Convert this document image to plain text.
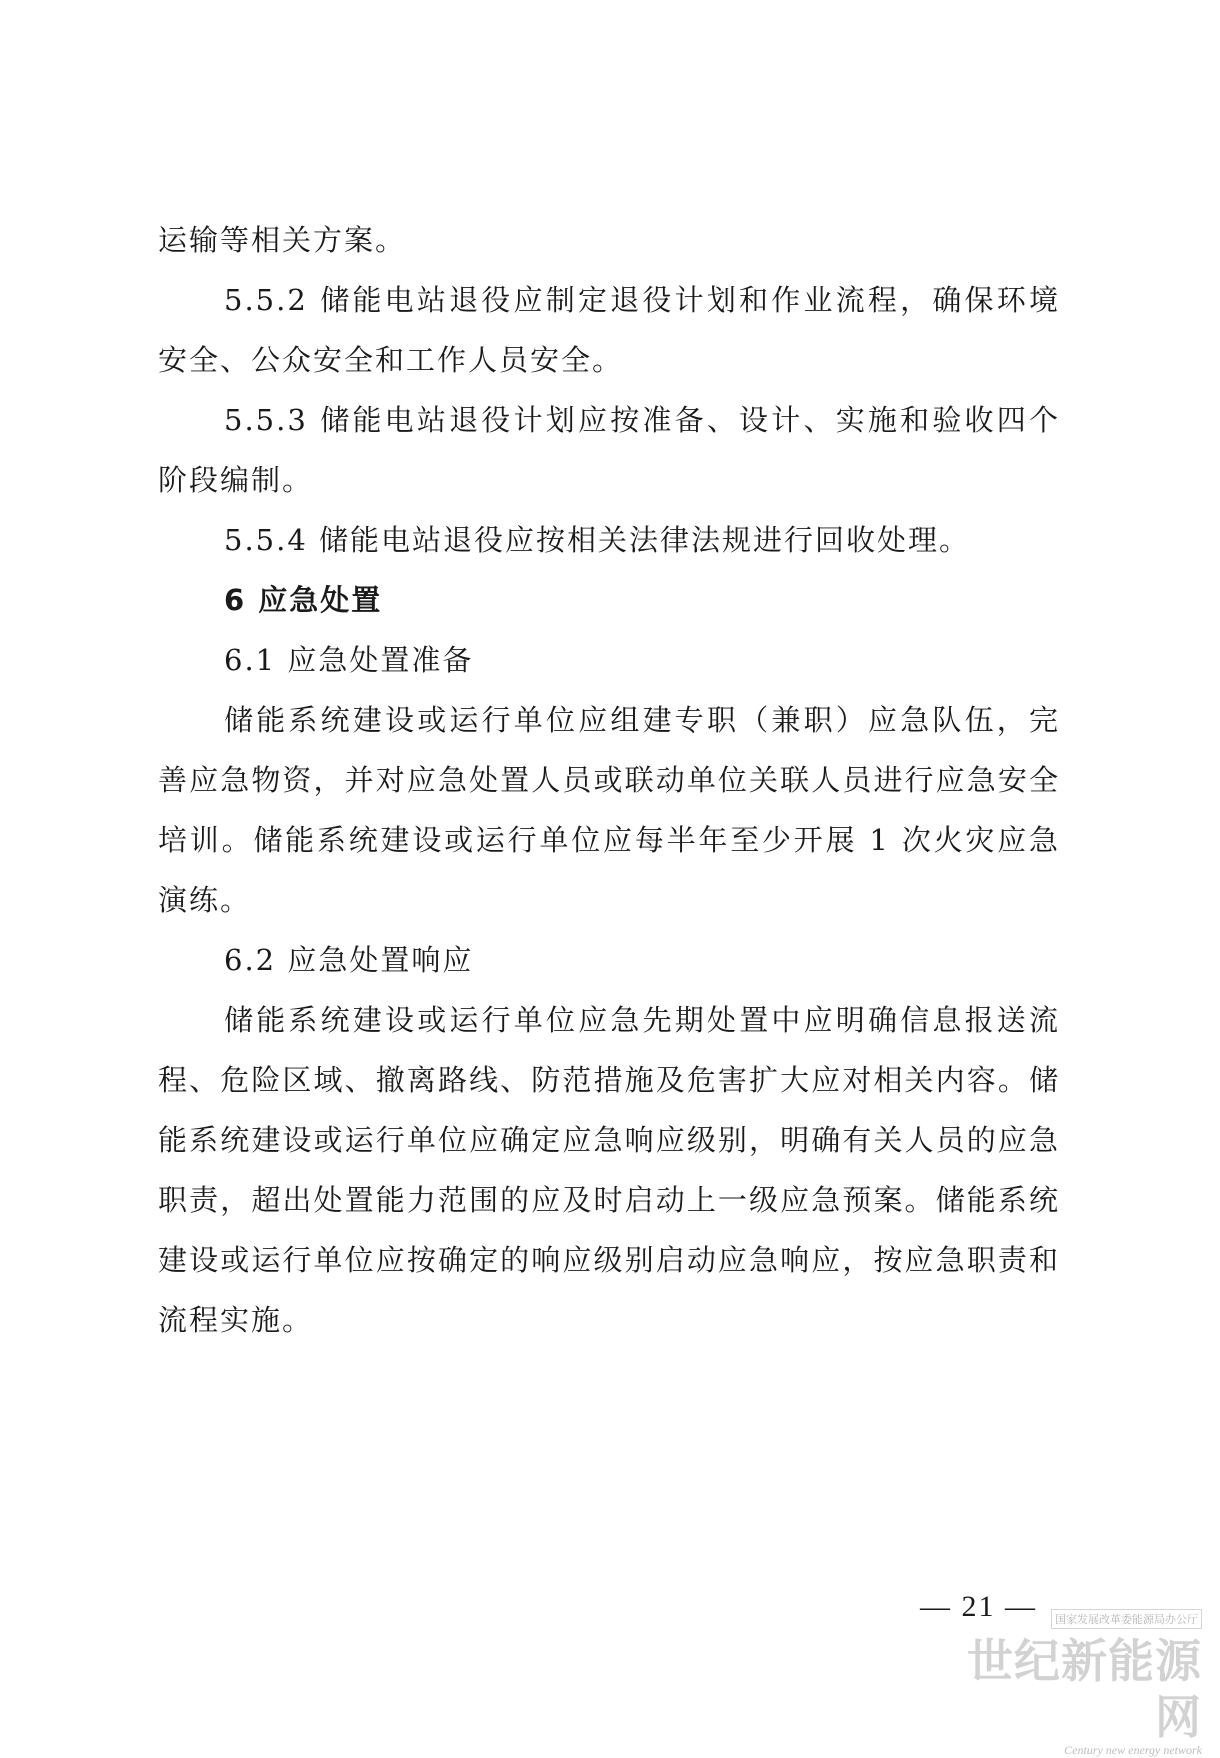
运输等相关方案。

5.5.2 储能电站退役应制定退役计划和作业流程，确保环境安全、公众安全和工作人员安全。

5.5.3 储能电站退役计划应按准备、设计、实施和验收四个阶段编制。

5.5.4 储能电站退役应按相关法律法规进行回收处理。

6 应急处置

6.1 应急处置准备

储能系统建设或运行单位应组建专职（兼职）应急队伍，完善应急物资，并对应急处置人员或联动单位关联人员进行应急安全培训。储能系统建设或运行单位应每半年至少开展 1 次火灾应急演练。

6.2 应急处置响应

储能系统建设或运行单位应急先期处置中应明确信息报送流程、危险区域、撤离路线、防范措施及危害扩大应对相关内容。储能系统建设或运行单位应确定应急响应级别，明确有关人员的应急职责，超出处置能力范围的应及时启动上一级应急预案。储能系统建设或运行单位应按确定的响应级别启动应急响应，按应急职责和流程实施。

— 21 —	国家发展改革委能源局办公厅
世纪新能源网
Century new energy network
